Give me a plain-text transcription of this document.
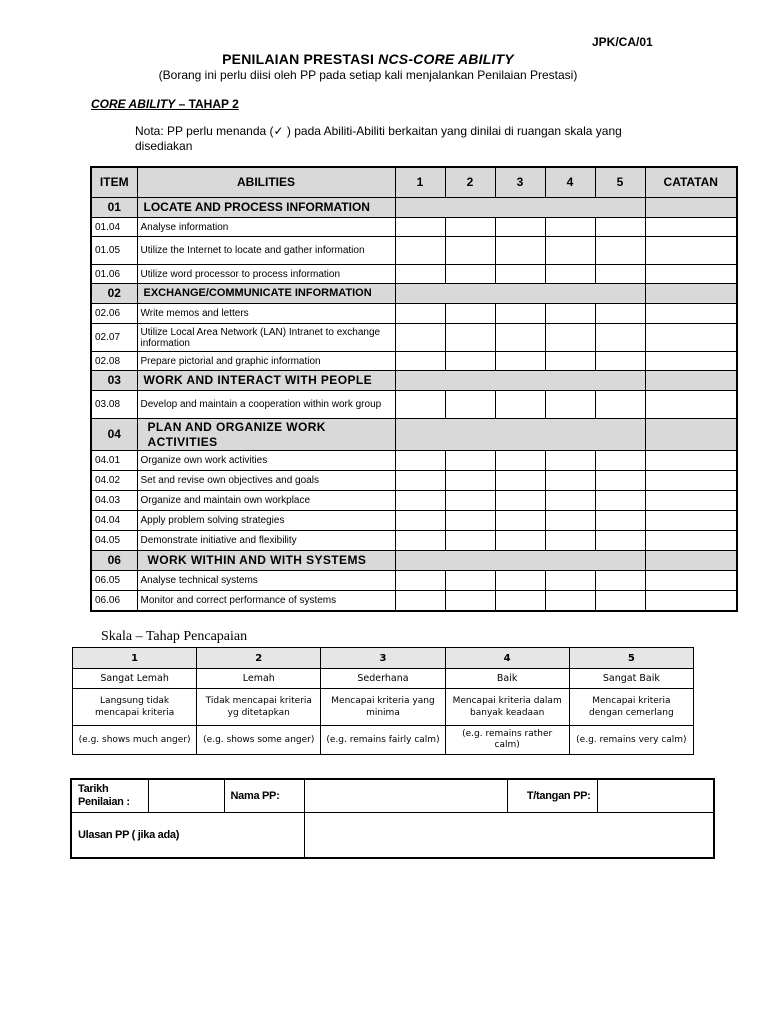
JPK/CA/01
PENILAIAN PRESTASI NCS-CORE ABILITY
(Borang ini perlu diisi oleh PP pada setiap kali menjalankan Penilaian Prestasi)
CORE ABILITY – TAHAP 2
Nota: PP perlu menanda (✓ ) pada Abiliti-Abiliti berkaitan yang dinilai di ruangan skala yang disediakan
ITEM	ABILITIES	1	2	3	4	5	CATATAN
01	LOCATE AND PROCESS INFORMATION						
01.04	Analyse information						
01.05	Utilize the Internet to locate and gather information						
01.06	Utilize word processor to process information						
02	EXCHANGE/COMMUNICATE INFORMATION						
02.06	Write memos and letters						
02.07	Utilize Local Area Network (LAN) Intranet to exchange information						
02.08	Prepare pictorial and graphic information						
03	WORK AND INTERACT WITH PEOPLE						
03.08	Develop and maintain a cooperation within work group						
04	PLAN AND ORGANIZE WORK ACTIVITIES						

04.01	Organize own work activities						
04.02	Set and revise own objectives and goals						
04.03	Organize and maintain own workplace						
04.04	Apply problem solving strategies						
04.05	Demonstrate initiative and flexibility						
06	WORK WITHIN AND WITH SYSTEMS						
06.05	Analyse technical systems						
06.06	Monitor and correct performance of systems						
Skala – Tahap Pencapaian
1	2	3	4	5
Sangat Lemah	Lemah	Sederhana	Baik	Sangat Baik

Langsung tidak mencapai kriteria	Tidak mencapai kriteria yg ditetapkan	Mencapai kriteria yang minima	Mencapai kriteria dalam banyak keadaan	Mencapai kriteria dengan cemerlang

(e.g. shows much anger)	(e.g. shows some anger)	(e.g. remains fairly calm)	(e.g. remains rather calm)	(e.g. remains very calm)
Tarikh Penilaian :		Nama PP:		T/tangan PP:	
Ulasan PP ( jika ada)					
